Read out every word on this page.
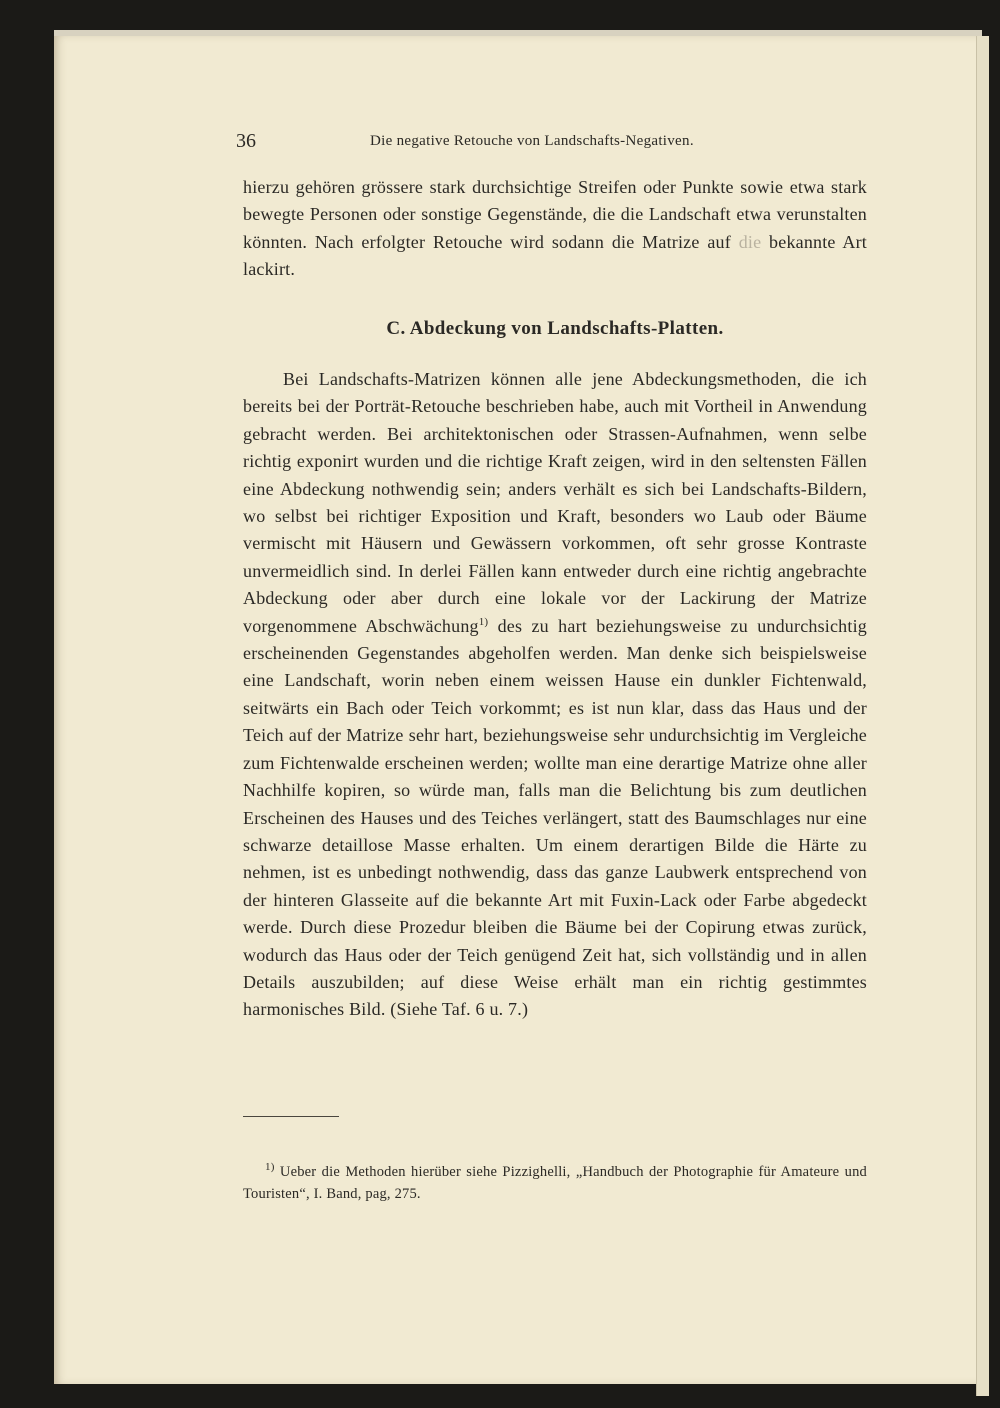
36	Die negative Retouche von Landschafts-Negativen.

hierzu gehören grössere stark durchsichtige Streifen oder Punkte sowie etwa stark bewegte Personen oder sonstige Gegenstände, die die Landschaft etwa verunstalten könnten. Nach erfolgter Retouche wird sodann die Matrize auf die bekannte Art lackirt.

C. Abdeckung von Landschafts-Platten.

Bei Landschafts-Matrizen können alle jene Abdeckungsmethoden, die ich bereits bei der Porträt-Retouche beschrieben habe, auch mit Vortheil in Anwendung gebracht werden. Bei architektonischen oder Strassen-Aufnahmen, wenn selbe richtig exponirt wurden und die richtige Kraft zeigen, wird in den seltensten Fällen eine Abdeckung nothwendig sein; anders verhält es sich bei Landschafts-Bildern, wo selbst bei richtiger Exposition und Kraft, besonders wo Laub oder Bäume vermischt mit Häusern und Gewässern vorkommen, oft sehr grosse Kontraste unvermeidlich sind. In derlei Fällen kann entweder durch eine richtig angebrachte Abdeckung oder aber durch eine lokale vor der Lackirung der Matrize vorgenommene Abschwächung$^{1)}$ des zu hart beziehungsweise zu undurchsichtig erscheinenden Gegenstandes abgeholfen werden. Man denke sich beispielsweise eine Landschaft, worin neben einem weissen Hause ein dunkler Fichtenwald, seitwärts ein Bach oder Teich vorkommt; es ist nun klar, dass das Haus und der Teich auf der Matrize sehr hart, beziehungsweise sehr undurchsichtig im Vergleiche zum Fichtenwalde erscheinen werden; wollte man eine derartige Matrize ohne aller Nachhilfe kopiren, so würde man, falls man die Belichtung bis zum deutlichen Erscheinen des Hauses und des Teiches verlängert, statt des Baumschlages nur eine schwarze detaillose Masse erhalten. Um einem derartigen Bilde die Härte zu nehmen, ist es unbedingt nothwendig, dass das ganze Laubwerk entsprechend von der hinteren Glasseite auf die bekannte Art mit Fuxin-Lack oder Farbe abgedeckt werde. Durch diese Prozedur bleiben die Bäume bei der Copirung etwas zurück, wodurch das Haus oder der Teich genügend Zeit hat, sich vollständig und in allen Details auszubilden; auf diese Weise erhält man ein richtig gestimmtes harmonisches Bild. (Siehe Taf. 6 u. 7.)

$^{1)}$ Ueber die Methoden hierüber siehe Pizzighelli, „Handbuch der Photographie für Amateure und Touristen“, I. Band, pag, 275.
